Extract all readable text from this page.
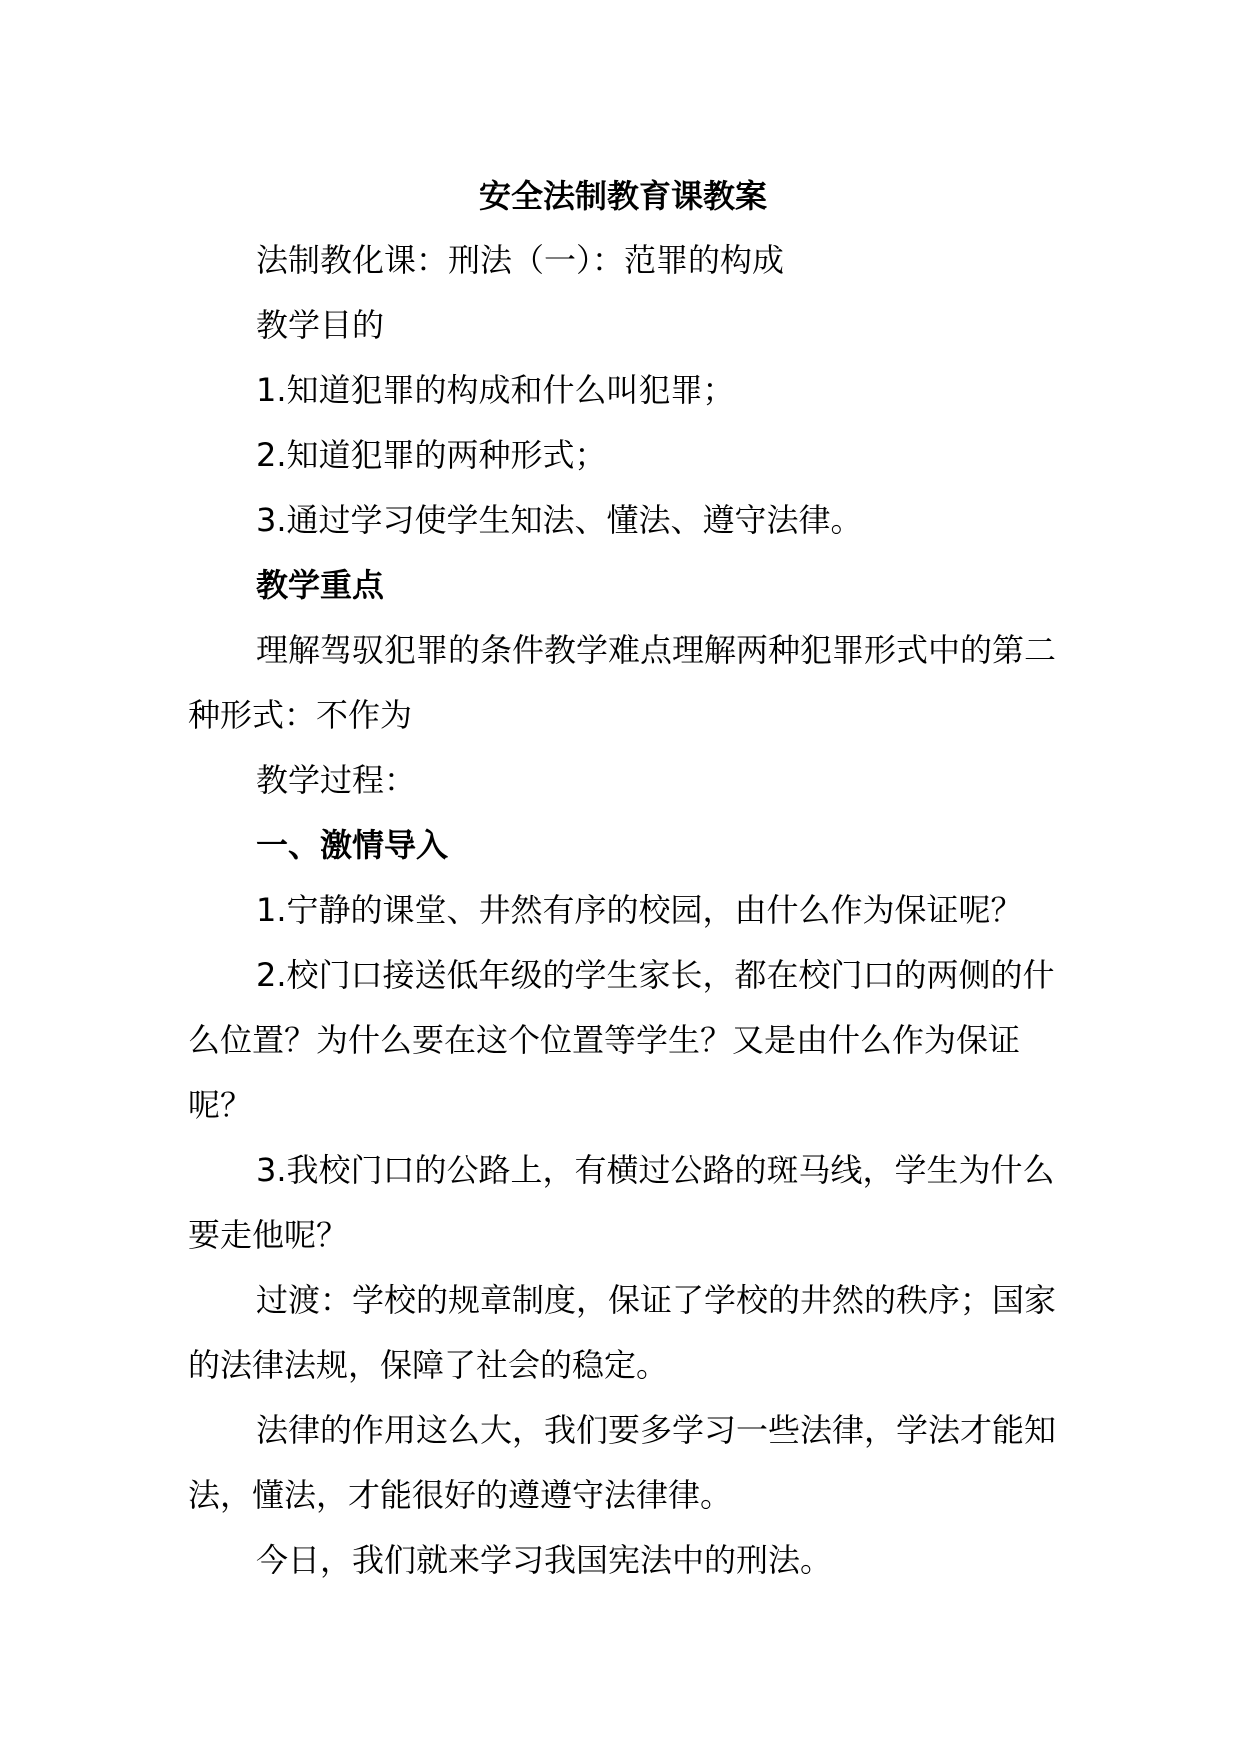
安全法制教育课教案

法制教化课：刑法（一）：范罪的构成

教学目的

1.知道犯罪的构成和什么叫犯罪；

2.知道犯罪的两种形式；

3.通过学习使学生知法、懂法、遵守法律。

教学重点

理解驾驭犯罪的条件教学难点理解两种犯罪形式中的第二种形式：不作为

教学过程：

一、激情导入

1.宁静的课堂、井然有序的校园，由什么作为保证呢？

2.校门口接送低年级的学生家长，都在校门口的两侧的什么位置？为什么要在这个位置等学生？又是由什么作为保证呢？

3.我校门口的公路上，有横过公路的斑马线，学生为什么要走他呢？

过渡：学校的规章制度，保证了学校的井然的秩序；国家的法律法规，保障了社会的稳定。

法律的作用这么大，我们要多学习一些法律，学法才能知法，懂法，才能很好的遵遵守法律律。

今日，我们就来学习我国宪法中的刑法。
